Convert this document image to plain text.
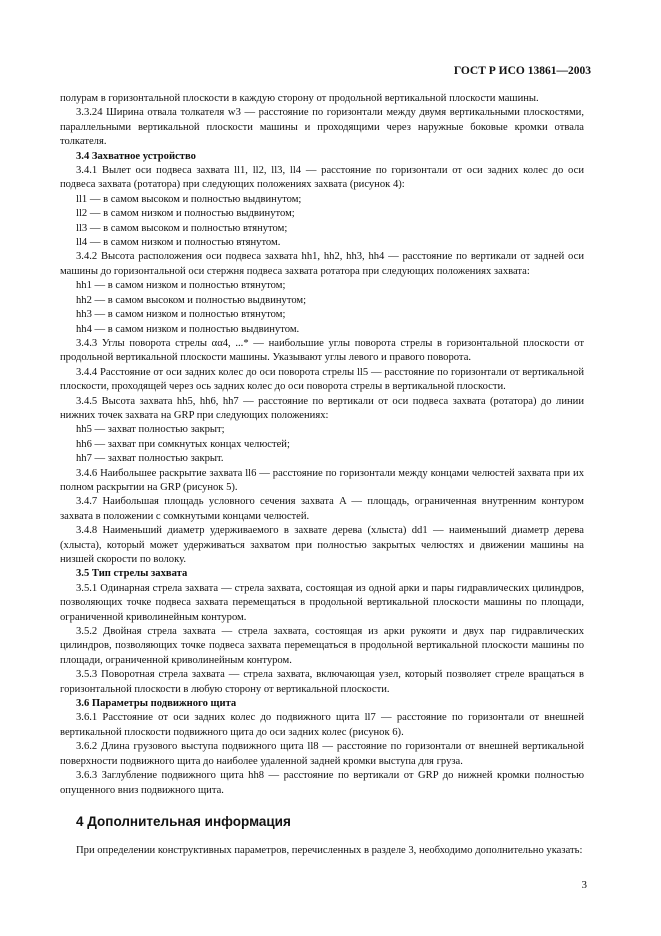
ГОСТ Р ИСО 13861—2003

полурам в горизонтальной плоскости в каждую сторону от продольной вертикальной плоскости машины.

3.3.24 Ширина отвала толкателя w3 — расстояние по горизонтали между двумя вертикальными плоскостями, параллельными вертикальной плоскости машины и проходящими через наружные боковые кромки отвала толкателя.

3.4 Захватное устройство

3.4.1 Вылет оси подвеса захвата ll1, ll2, ll3, ll4 — расстояние по горизонтали от оси задних колес до оси подвеса захвата (ротатора) при следующих положениях захвата (рисунок 4):

ll1 — в самом высоком и полностью выдвинутом;

ll2 — в самом низком и полностью выдвинутом;

ll3 — в самом высоком и полностью втянутом;

ll4 — в самом низком и полностью втянутом.

3.4.2 Высота расположения оси подвеса захвата hh1, hh2, hh3, hh4 — расстояние по вертикали от задней оси машины до горизонтальной оси стержня подвеса захвата ротатора при следующих положениях захвата:

hh1 — в самом низком и полностью втянутом;

hh2 — в самом высоком и полностью выдвинутом;

hh3 — в самом низком и полностью втянутом;

hh4 — в самом низком и полностью выдвинутом.

3.4.3 Углы поворота стрелы αα4, ...* — наибольшие углы поворота стрелы в горизонтальной плоскости от продольной вертикальной плоскости машины. Указывают углы левого и правого поворота.

3.4.4 Расстояние от оси задних колес до оси поворота стрелы ll5 — расстояние по горизонтали от вертикальной плоскости, проходящей через ось задних колес до оси поворота стрелы в вертикальной плоскости.

3.4.5 Высота захвата hh5, hh6, hh7 — расстояние по вертикали от оси подвеса захвата (ротатора) до линии нижних точек захвата на GRP при следующих положениях:

hh5 — захват полностью закрыт;

hh6 — захват при сомкнутых концах челюстей;

hh7 — захват полностью закрыт.

3.4.6 Наибольшее раскрытие захвата ll6 — расстояние по горизонтали между концами челюстей захвата при их полном раскрытии на GRP (рисунок 5).

3.4.7 Наибольшая площадь условного сечения захвата A — площадь, ограниченная внутренним контуром захвата в положении с сомкнутыми концами челюстей.

3.4.8 Наименьший диаметр удерживаемого в захвате дерева (хлыста) dd1 — наименьший диаметр дерева (хлыста), который может удерживаться захватом при полностью закрытых челюстях и движении машины на низшей скорости по волоку.

3.5 Тип стрелы захвата

3.5.1 Одинарная стрела захвата — стрела захвата, состоящая из одной арки и пары гидравлических цилиндров, позволяющих точке подвеса захвата перемещаться в продольной вертикальной плоскости машины по площади, ограниченной криволинейным контуром.

3.5.2 Двойная стрела захвата — стрела захвата, состоящая из арки рукояти и двух пар гидравлических цилиндров, позволяющих точке подвеса захвата перемещаться в продольной вертикальной плоскости машины по площади, ограниченной криволинейным контуром.

3.5.3 Поворотная стрела захвата — стрела захвата, включающая узел, который позволяет стреле вращаться в горизонтальной плоскости в любую сторону от вертикальной плоскости.

3.6 Параметры подвижного щита

3.6.1 Расстояние от оси задних колес до подвижного щита ll7 — расстояние по горизонтали от внешней вертикальной плоскости подвижного щита до оси задних колес (рисунок 6).

3.6.2 Длина грузового выступа подвижного щита ll8 — расстояние по горизонтали от внешней вертикальной поверхности подвижного щита до наиболее удаленной задней кромки выступа для груза.

3.6.3 Заглубление подвижного щита hh8 — расстояние по вертикали от GRP до нижней кромки полностью опущенного вниз подвижного щита.

4 Дополнительная информация

При определении конструктивных параметров, перечисленных в разделе 3, необходимо дополнительно указать:

3
